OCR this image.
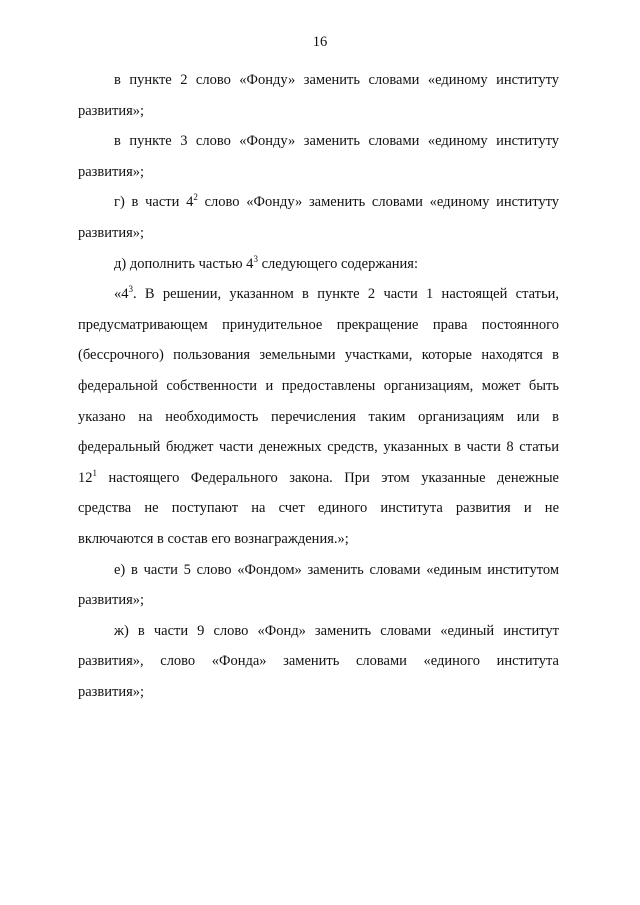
16
в пункте 2 слово «Фонду» заменить словами «единому институту
развития»;
в пункте 3 слово «Фонду» заменить словами «единому институту
развития»;
г) в части $4^2$ слово «Фонду» заменить словами «единому институту
развития»;
д) дополнить частью $4^3$ следующего содержания:
«$4^3$. В решении, указанном в пункте 2 части 1 настоящей статьи,
предусматривающем принудительное прекращение права постоянного
(бессрочного) пользования земельными участками, которые находятся в
федеральной собственности и предоставлены организациям, может быть
указано на необходимость перечисления таким организациям или в
федеральный бюджет части денежных средств, указанных в части 8 статьи
$12^1$ настоящего Федерального закона. При этом указанные денежные
средства не поступают на счет единого института развития и не
включаются в состав его вознаграждения.»;
е) в части 5 слово «Фондом» заменить словами «единым институтом
развития»;
ж) в части 9 слово «Фонд» заменить словами «единый институт
развития», слово «Фонда» заменить словами «единого института
развития»;
